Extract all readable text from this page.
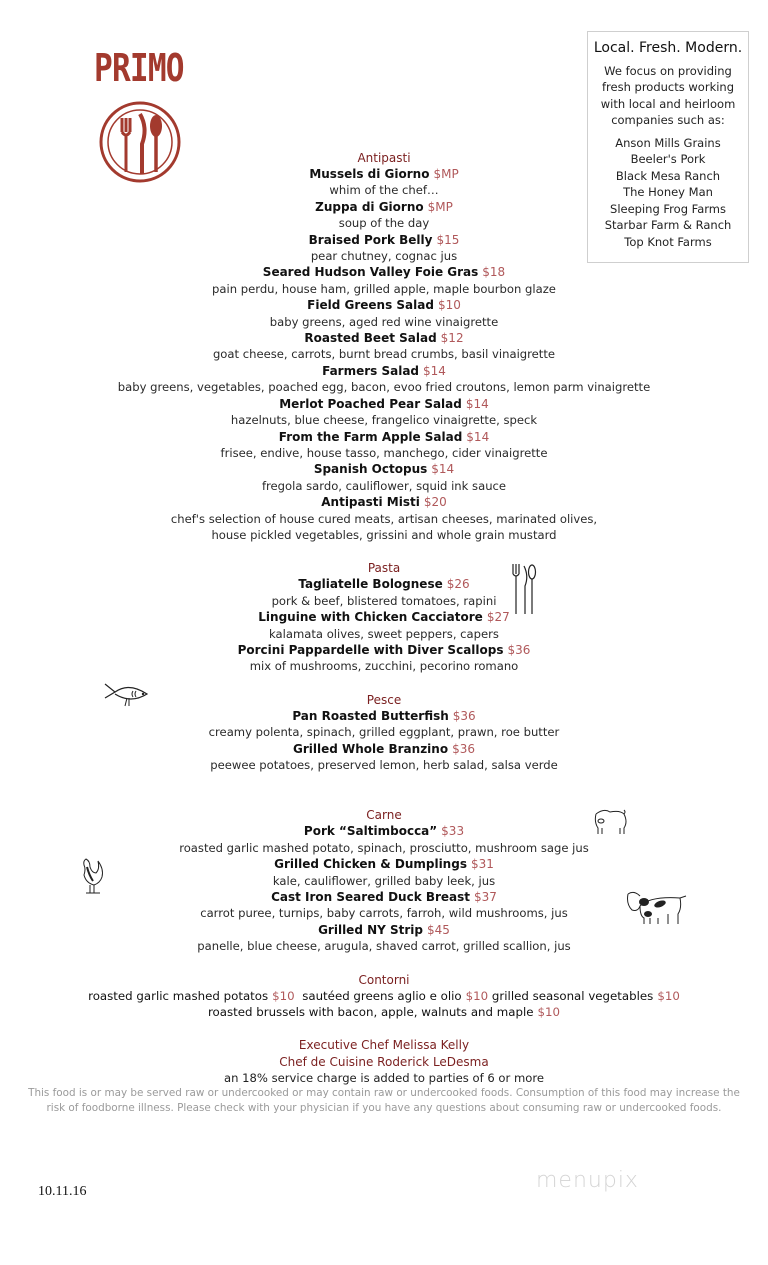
PRIMO	Local. Fresh. Modern.
We focus on providing
fresh products working
with local and heirloom
companies such as:
Anson Mills Grains
Beeler's Pork
Black Mesa Ranch
The Honey Man
Sleeping Frog Farms
Starbar Farm & Ranch
Top Knot Farms
Antipasti
Mussels di Giorno $MP
whim of the chef…
Zuppa di Giorno $MP
soup of the day
Braised Pork Belly $15
pear chutney, cognac jus
Seared Hudson Valley Foie Gras $18
pain perdu, house ham, grilled apple, maple bourbon glaze
Field Greens Salad $10
baby greens, aged red wine vinaigrette
Roasted Beet Salad $12
goat cheese, carrots, burnt bread crumbs, basil vinaigrette
Farmers Salad $14
baby greens, vegetables, poached egg, bacon, evoo fried croutons, lemon parm vinaigrette
Merlot Poached Pear Salad $14
hazelnuts, blue cheese, frangelico vinaigrette, speck
From the Farm Apple Salad $14
frisee, endive, house tasso, manchego, cider vinaigrette
Spanish Octopus $14
fregola sardo, cauliflower, squid ink sauce
Antipasti Misti $20
chef's selection of house cured meats, artisan cheeses, marinated olives,
house pickled vegetables, grissini and whole grain mustard
Pasta
Tagliatelle Bolognese $26
pork & beef, blistered tomatoes, rapini
Linguine with Chicken Cacciatore $27
kalamata olives, sweet peppers, capers
Porcini Pappardelle with Diver Scallops $36
mix of mushrooms, zucchini, pecorino romano
Pesce
Pan Roasted Butterfish $36
creamy polenta, spinach, grilled eggplant, prawn, roe butter
Grilled Whole Branzino $36
peewee potatoes, preserved lemon, herb salad, salsa verde
Carne
Pork “Saltimbocca” $33
roasted garlic mashed potato, spinach, prosciutto, mushroom sage jus
Grilled Chicken & Dumplings $31
kale, cauliflower, grilled baby leek, jus
Cast Iron Seared Duck Breast $37
carrot puree, turnips, baby carrots, farroh, wild mushrooms, jus
Grilled NY Strip $45
panelle, blue cheese, arugula, shaved carrot, grilled scallion, jus
Contorni
roasted garlic mashed potatos $10 sautéed greens aglio e olio $10 grilled seasonal vegetables $10
roasted brussels with bacon, apple, walnuts and maple $10
Executive Chef Melissa Kelly
Chef de Cuisine Roderick LeDesma
an 18% service charge is added to parties of 6 or more
This food is or may be served raw or undercooked or may contain raw or undercooked foods. Consumption of this food may increase the risk of foodborne illness. Please check with your physician if you have any questions about consuming raw or undercooked foods.
10.11.16	menupix
